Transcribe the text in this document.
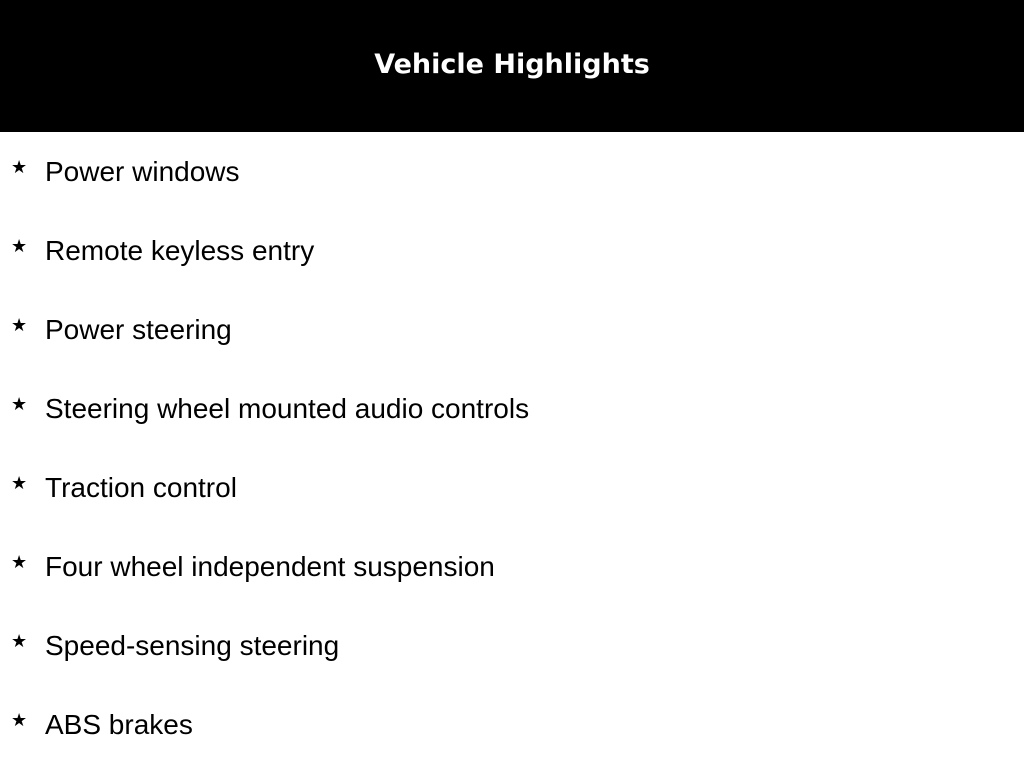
Vehicle Highlights
★ Power windows
★ Remote keyless entry
★ Power steering
★ Steering wheel mounted audio controls
★ Traction control
★ Four wheel independent suspension
★ Speed-sensing steering
★ ABS brakes
